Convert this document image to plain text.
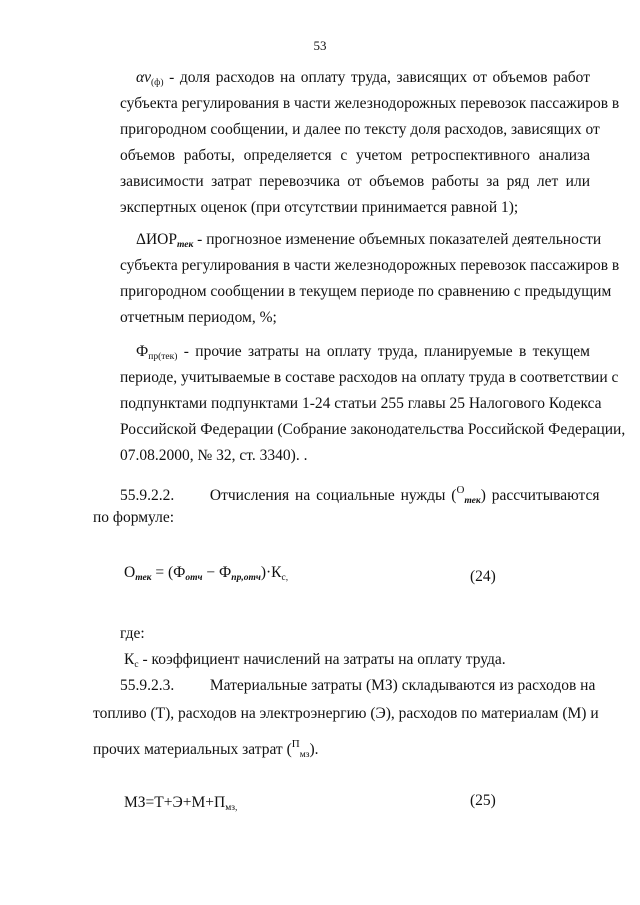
53
$\alpha v_{(ф)}$ - доля расходов на оплату труда, зависящих от объемов работ
субъекта регулирования в части железнодорожных перевозок пассажиров в
пригородном сообщении, и далее по тексту доля расходов, зависящих от
объемов работы, определяется с учетом ретроспективного анализа
зависимости затрат перевозчика от объемов работы за ряд лет или
экспертных оценок (при отсутствии принимается равной 1);
ΔИОРтек - прогнозное изменение объемных показателей деятельности
субъекта регулирования в части железнодорожных перевозок пассажиров в
пригородном сообщении в текущем периоде по сравнению с предыдущим
отчетным периодом, %;
$Ф_{пр(тек)}$ - прочие затраты на оплату труда, планируемые в текущем
периоде, учитываемые в составе расходов на оплату труда в соответствии с
подпунктами подпунктами 1-24 статьи 255 главы 25 Налогового Кодекса
Российской Федерации (Собрание законодательства Российской Федерации,
07.08.2000, № 32, ст. 3340). .
55.9.2.2. Отчисления на социальные нужды ($^О$тек) рассчитываются
по формуле:
Отек = (Фотч − $Фпр,отч)\cdot К_{с,}$	(24)
где:
$К_с$ - коэффициент начислений на затраты на оплату труда.
55.9.2.3. Материальные затраты (МЗ) складываются из расходов на
топливо (Т), расходов на электроэнергию (Э), расходов по материалам (М) и
прочих материальных затрат ($^П_{мз}$).
$МЗ=Т+Э+М+П_{мз,}$	(25)
